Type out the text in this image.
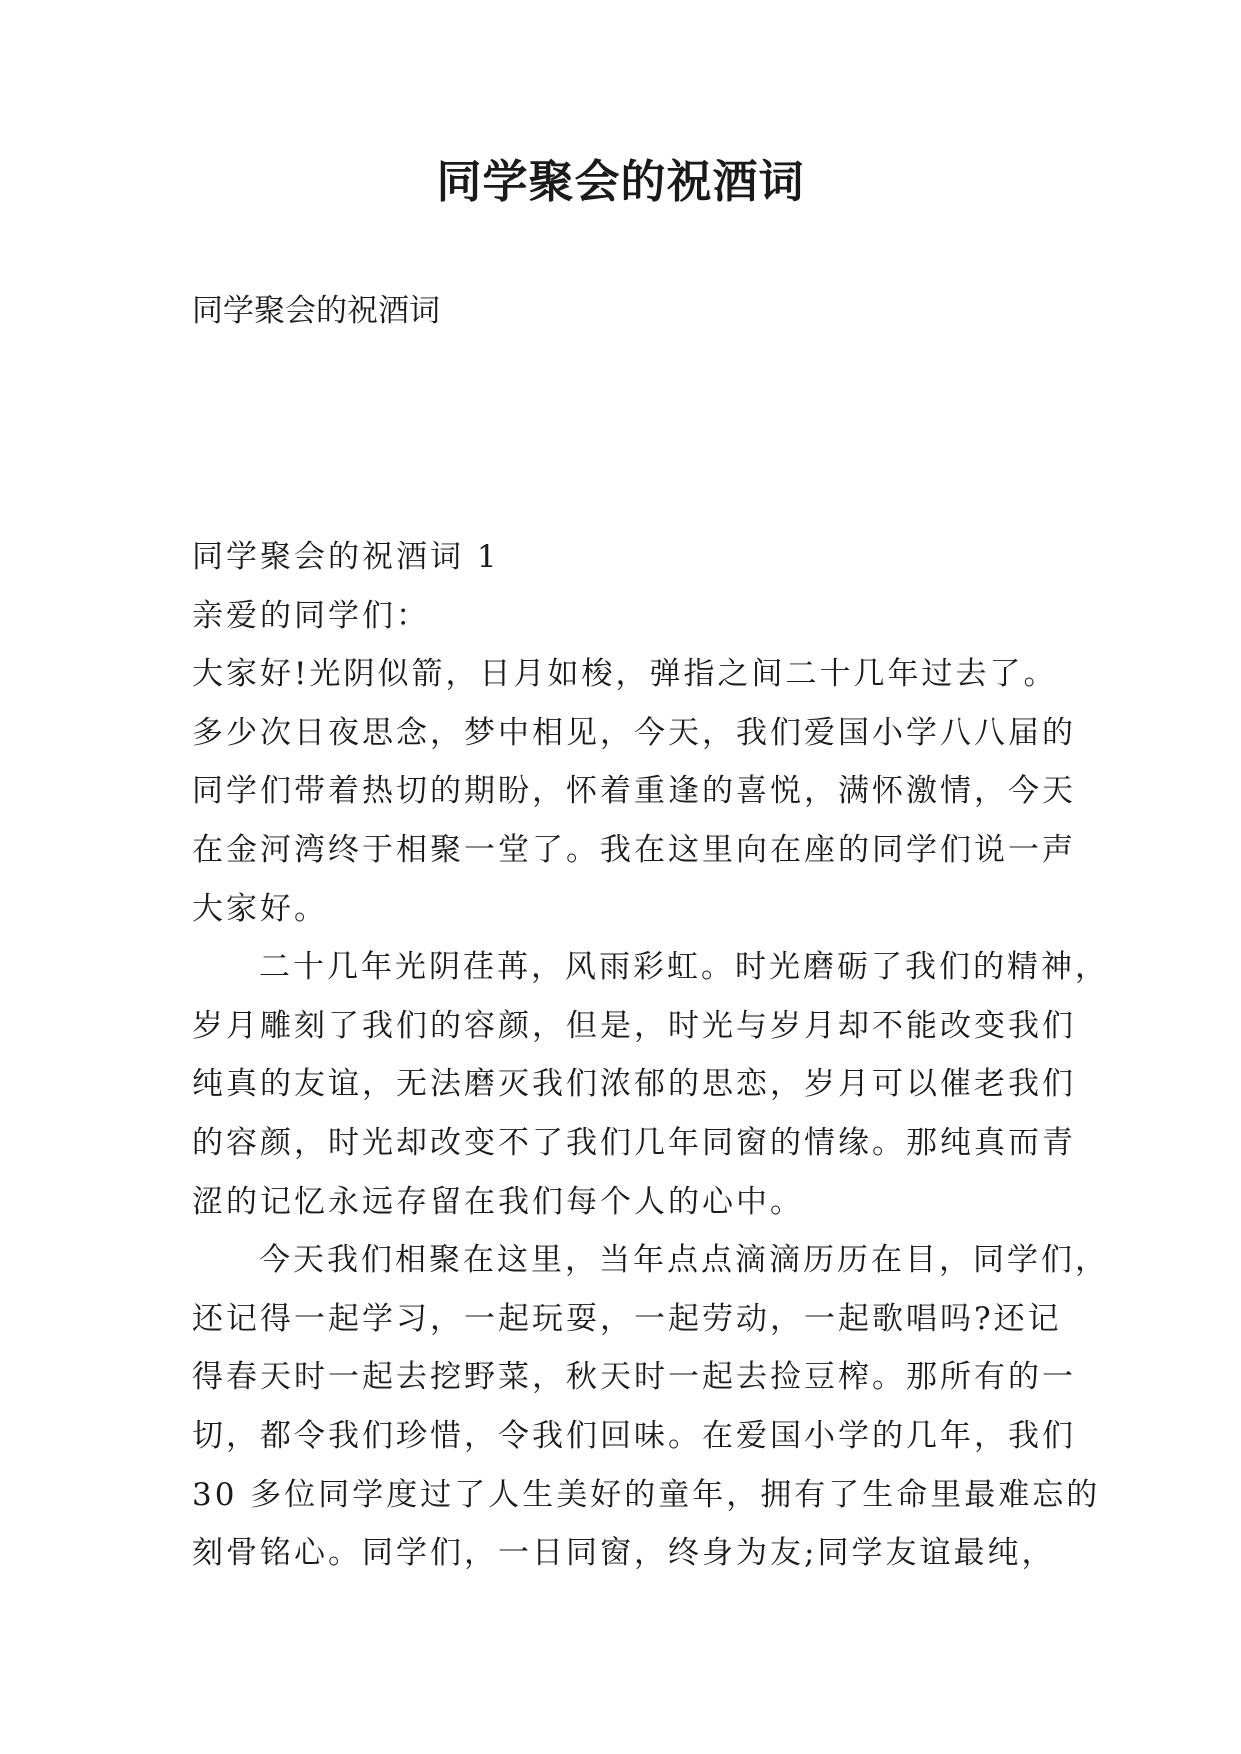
同学聚会的祝酒词

同学聚会的祝酒词

同学聚会的祝酒词 1
亲爱的同学们：
大家好!光阴似箭，日月如梭，弹指之间二十几年过去了。
多少次日夜思念，梦中相见，今天，我们爱国小学八八届的
同学们带着热切的期盼，怀着重逢的喜悦，满怀激情，今天
在金河湾终于相聚一堂了。我在这里向在座的同学们说一声
大家好。
二十几年光阴荏苒，风雨彩虹。时光磨砺了我们的精神，
岁月雕刻了我们的容颜，但是，时光与岁月却不能改变我们
纯真的友谊，无法磨灭我们浓郁的思恋，岁月可以催老我们
的容颜，时光却改变不了我们几年同窗的情缘。那纯真而青
涩的记忆永远存留在我们每个人的心中。
今天我们相聚在这里，当年点点滴滴历历在目，同学们，
还记得一起学习，一起玩耍，一起劳动，一起歌唱吗?还记
得春天时一起去挖野菜，秋天时一起去捡豆榨。那所有的一
切，都令我们珍惜，令我们回味。在爱国小学的几年，我们
30 多位同学度过了人生美好的童年，拥有了生命里最难忘的
刻骨铭心。同学们，一日同窗，终身为友;同学友谊最纯，
